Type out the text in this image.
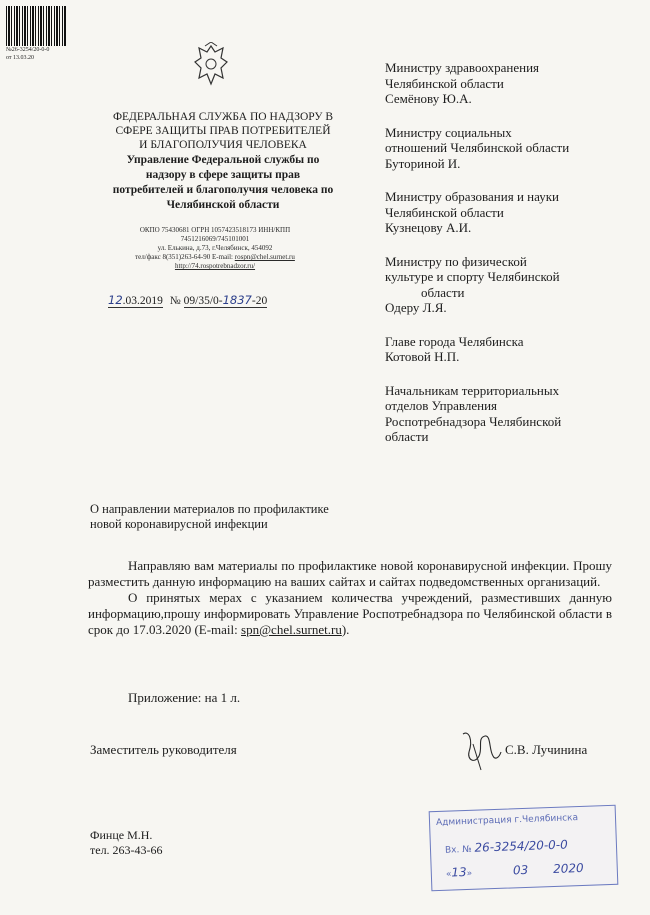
№26-3254/20-0-0
от 13.03.20
ФЕДЕРАЛЬНАЯ СЛУЖБА ПО НАДЗОРУ В
СФЕРЕ ЗАЩИТЫ ПРАВ ПОТРЕБИТЕЛЕЙ
И БЛАГОПОЛУЧИЯ ЧЕЛОВЕКА
Управление Федеральной службы по
надзору в сфере защиты прав
потребителей и благополучия человека по
Челябинской области
ОКПО 75430681 ОГРН 1057423518173 ИНН/КПП
7451216069/745101001
ул. Елькина, д.73, г.Челябинск, 454092
тел/факс 8(351)263-64-90 E-mail: rospn@chel.surnet.ru
http://74.rospotrebnadzor.ru/
12.03.2019 № 09/35/0-1837-20
Министру здравоохранения
Челябинской области
Семёнову Ю.А.
Министру социальных
отношений Челябинской области
Буториной И.
Министру образования и науки
Челябинской области
Кузнецову А.И.
Министру по физической
культуре и спорту Челябинской
области
Одеру Л.Я.
Главе города Челябинска
Котовой Н.П.
Начальникам территориальных
отделов Управления
Роспотребнадзора Челябинской
области
О направлении материалов по профилактике
новой коронавирусной инфекции

Направляю вам материалы по профилактике новой коронавирусной инфекции. Прошу разместить данную информацию на ваших сайтах и сайтах подведомственных организаций.

О принятых мерах с указанием количества учреждений, разместивших данную информацию,прошу информировать Управление Роспотребнадзора по Челябинской области в срок до 17.03.2020 (E-mail: spn@chel.surnet.ru).

Приложение: на 1 л.
Заместитель руководителя	С.В. Лучинина
Финце М.Н.
тел. 263-43-66
Администрация г.Челябинска
Вх. № 26-3254/20-0-0
«13»	03 2020
